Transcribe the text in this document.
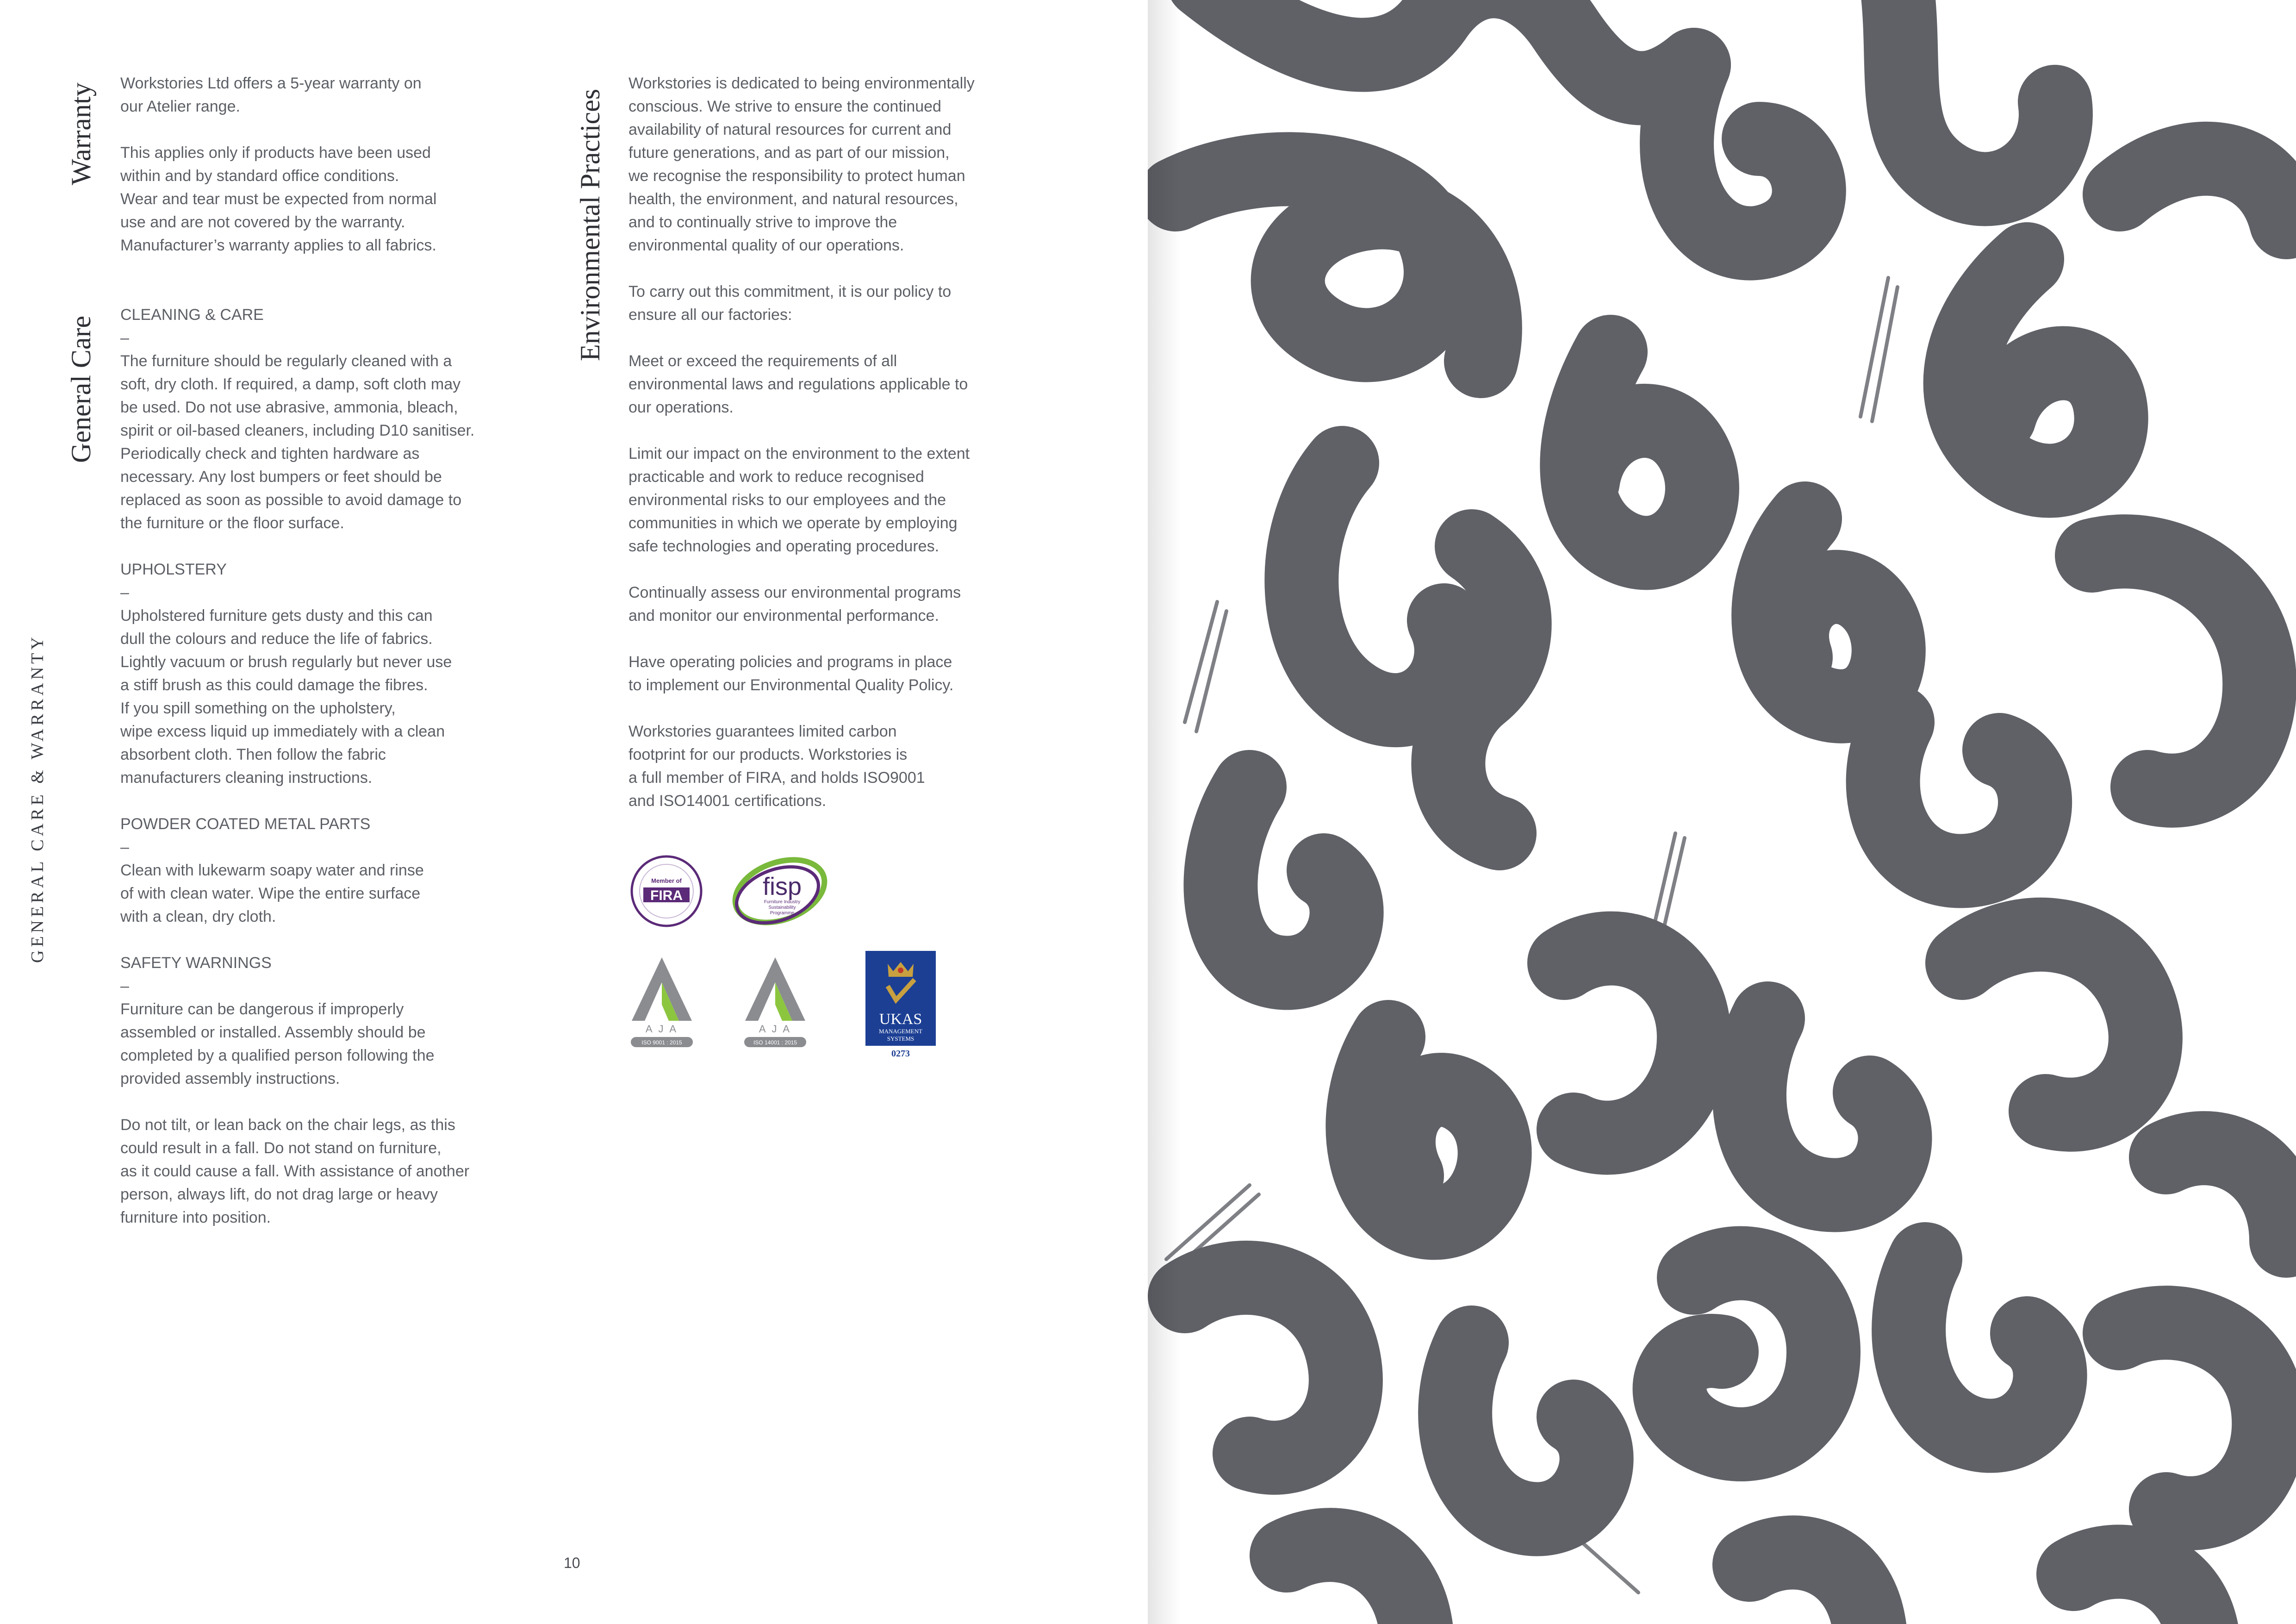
GENERAL CARE & WARRANTY
Warranty
General Care
Environmental Practices

Workstories Ltd offers a 5-year warranty on
our Atelier range.

This applies only if products have been used
within and by standard office conditions.
Wear and tear must be expected from normal
use and are not covered by the warranty.
Manufacturer’s warranty applies to all fabrics.

CLEANING & CARE

–

The furniture should be regularly cleaned with a
soft, dry cloth. If required, a damp, soft cloth may
be used. Do not use abrasive, ammonia, bleach,
spirit or oil-based cleaners, including D10 sanitiser.
Periodically check and tighten hardware as
necessary. Any lost bumpers or feet should be
replaced as soon as possible to avoid damage to
the furniture or the floor surface.

UPHOLSTERY

–

Upholstered furniture gets dusty and this can
dull the colours and reduce the life of fabrics.
Lightly vacuum or brush regularly but never use
a stiff brush as this could damage the fibres.
If you spill something on the upholstery,
wipe excess liquid up immediately with a clean
absorbent cloth. Then follow the fabric
manufacturers cleaning instructions.

POWDER COATED METAL PARTS

–

Clean with lukewarm soapy water and rinse
of with clean water. Wipe the entire surface
with a clean, dry cloth.

SAFETY WARNINGS

–

Furniture can be dangerous if improperly
assembled or installed. Assembly should be
completed by a qualified person following the
provided assembly instructions.

Do not tilt, or lean back on the chair legs, as this
could result in a fall. Do not stand on furniture,
as it could cause a fall. With assistance of another
person, always lift, do not drag large or heavy
furniture into position.

Workstories is dedicated to being environmentally
conscious. We strive to ensure the continued
availability of natural resources for current and
future generations, and as part of our mission,
we recognise the responsibility to protect human
health, the environment, and natural resources,
and to continually strive to improve the
environmental quality of our operations.

To carry out this commitment, it is our policy to
ensure all our factories:

Meet or exceed the requirements of all
environmental laws and regulations applicable to
our operations.

Limit our impact on the environment to the extent
practicable and work to reduce recognised
environmental risks to our employees and the
communities in which we operate by employing
safe technologies and operating procedures.

Continually assess our environmental programs
and monitor our environmental performance.

Have operating policies and programs in place
to implement our Environmental Quality Policy.

Workstories guarantees limited carbon
footprint for our products. Workstories is
a full member of FIRA, and holds ISO9001
and ISO14001 certifications.

Member of
FIRA	fisp
Furniture Industry
Sustainability
Programme
A J A
ISO 9001 : 2015
A J A
ISO 14001 : 2015
UKAS
MANAGEMENT
SYSTEMS
0273
10
